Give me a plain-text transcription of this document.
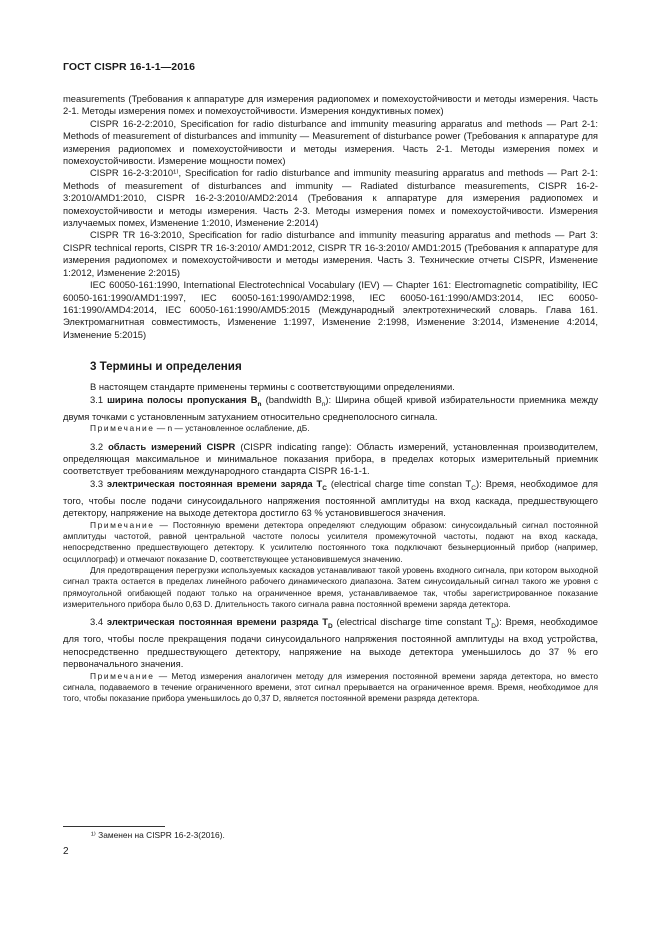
ГОСТ CISPR 16-1-1—2016

measurements (Требования к аппаратуре для измерения радиопомех и помехоустойчивости и методы измерения. Часть 2-1. Методы измерения помех и помехоустойчивости. Измерения кондуктивных помех)

CISPR 16-2-2:2010, Specification for radio disturbance and immunity measuring apparatus and methods — Part 2-1: Methods of measurement of disturbances and immunity — Measurement of disturbance power (Требования к аппаратуре для измерения радиопомех и помехоустойчивости и методы измерения. Часть 2-1. Методы измерения помех и помехоустойчивости. Измерение мощности помех)

CISPR 16-2-3:2010¹⁾, Specification for radio disturbance and immunity measuring apparatus and methods — Part 2-1: Methods of measurement of disturbances and immunity — Radiated disturbance measurements, CISPR 16-2-3:2010/AMD1:2010, CISPR 16-2-3:2010/AMD2:2014 (Требования к аппаратуре для измерения радиопомех и помехоустойчивости и методы измерения. Часть 2-3. Методы измерения помех и помехоустойчивости. Измерения излучаемых помех, Изменение 1:2010, Изменение 2:2014)

CISPR TR 16-3:2010, Specification for radio disturbance and immunity measuring apparatus and methods — Part 3: CISPR technical reports, CISPR TR 16-3:2010/ AMD1:2012, CISPR TR 16-3:2010/ AMD1:2015 (Требования к аппаратуре для измерения радиопомех и помехоустойчивости и методы измерения. Часть 3. Технические отчеты CISPR, Изменение 1:2012, Изменение 2:2015)

IEC 60050-161:1990, International Electrotechnical Vocabulary (IEV) — Chapter 161: Electromagnetic compatibility, IEC 60050-161:1990/AMD1:1997, IEC 60050-161:1990/AMD2:1998, IEC 60050-161:1990/AMD3:2014, IEC 60050-161:1990/AMD4:2014, IEC 60050-161:1990/AMD5:2015 (Международный электротехнический словарь. Глава 161. Электромагнитная совместимость, Изменение 1:1997, Изменение 2:1998, Изменение 3:2014, Изменение 4:2014, Изменение 5:2015)

3 Термины и определения

В настоящем стандарте применены термины с соответствующими определениями.

3.1 ширина полосы пропускания $B_n$ (bandwidth $B_n$): Ширина общей кривой избирательности приемника между двумя точками с установленным затуханием относительно среднеполосного сигнала.

Примечание — n — установленное ослабление, дБ.

3.2 область измерений CISPR (CISPR indicating range): Область измерений, установленная производителем, определяющая максимальное и минимальное показания прибора, в пределах которых измерительный приемник соответствует требованиям международного стандарта CISPR 16-1-1.

3.3 электрическая постоянная времени заряда $T_C$ (electrical charge time constan $T_C$): Время, необходимое для того, чтобы после подачи синусоидального напряжения постоянной амплитуды на вход каскада, предшествующего детектору, напряжение на выходе детектора достигло 63 % установившегося значения.

Примечание — Постоянную времени детектора определяют следующим образом: синусоидальный сигнал постоянной амплитуды частотой, равной центральной частоте полосы усилителя промежуточной частоты, подают на вход каскада, непосредственно предшествующего детектору. К усилителю постоянного тока подключают безынерционный прибор (например, осциллограф) и отмечают показание D, соответствующее установившемуся значению.

Для предотвращения перегрузки используемых каскадов устанавливают такой уровень входного сигнала, при котором выходной сигнал тракта остается в пределах линейного рабочего динамического диапазона. Затем синусоидальный сигнал такого же уровня с прямоугольной огибающей подают только на ограниченное время, устанавливаемое так, чтобы зарегистрированное показание измерительного прибора было 0,63 D. Длительность такого сигнала равна постоянной времени заряда детектора.

3.4 электрическая постоянная времени разряда $T_D$ (electrical discharge time constant $T_D$): Время, необходимое для того, чтобы после прекращения подачи синусоидального напряжения постоянной амплитуды на вход устройства, непосредственно предшествующего детектору, напряжение на выходе детектора уменьшилось до 37 % его первоначального значения.

Примечание — Метод измерения аналогичен методу для измерения постоянной времени заряда детектора, но вместо сигнала, подаваемого в течение ограниченного времени, этот сигнал прерывается на ограниченное время. Время, необходимое для того, чтобы показание прибора уменьшилось до 0,37 D, является постоянной времени разряда детектора.

¹⁾ Заменен на CISPR 16-2-3(2016).
2
